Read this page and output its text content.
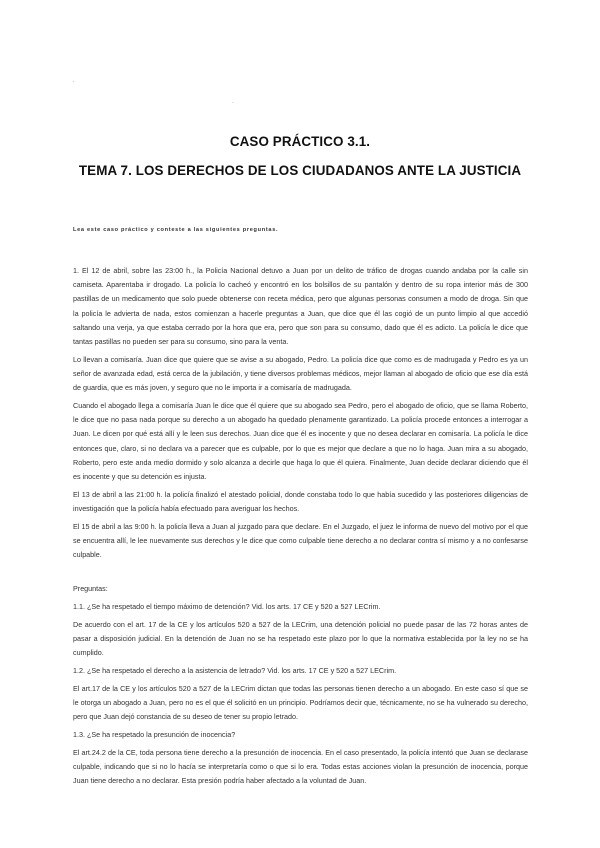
'
-
CASO PRÁCTICO 3.1.
TEMA 7. LOS DERECHOS DE LOS CIUDADANOS ANTE LA JUSTICIA
Lea este caso práctico y conteste a las siguientes preguntas.

1. El 12 de abril, sobre las 23:00 h., la Policía Nacional detuvo a Juan por un delito de tráfico de drogas cuando andaba por la calle sin camiseta. Aparentaba ir drogado. La policía lo cacheó y encontró en los bolsillos de su pantalón y dentro de su ropa interior más de 300 pastillas de un medicamento que solo puede obtenerse con receta médica, pero que algunas personas consumen a modo de droga. Sin que la policía le advierta de nada, estos comienzan a hacerle preguntas a Juan, que dice que él las cogió de un punto limpio al que accedió saltando una verja, ya que estaba cerrado por la hora que era, pero que son para su consumo, dado que él es adicto. La policía le dice que tantas pastillas no pueden ser para su consumo, sino para la venta.

Lo llevan a comisaría. Juan dice que quiere que se avise a su abogado, Pedro. La policía dice que como es de madrugada y Pedro es ya un señor de avanzada edad, está cerca de la jubilación, y tiene diversos problemas médicos, mejor llaman al abogado de oficio que ese día está de guardia, que es más joven, y seguro que no le importa ir a comisaría de madrugada.

Cuando el abogado llega a comisaría Juan le dice que él quiere que su abogado sea Pedro, pero el abogado de oficio, que se llama Roberto, le dice que no pasa nada porque su derecho a un abogado ha quedado plenamente garantizado. La policía procede entonces a interrogar a Juan. Le dicen por qué está allí y le leen sus derechos. Juan dice que él es inocente y que no desea declarar en comisaría. La policía le dice entonces que, claro, si no declara va a parecer que es culpable, por lo que es mejor que declare a que no lo haga. Juan mira a su abogado, Roberto, pero este anda medio dormido y solo alcanza a decirle que haga lo que él quiera. Finalmente, Juan decide declarar diciendo que él es inocente y que su detención es injusta.

El 13 de abril a las 21:00 h. la policía finalizó el atestado policial, donde constaba todo lo que había sucedido y las posteriores diligencias de investigación que la policía había efectuado para averiguar los hechos.

El 15 de abril a las 9:00 h. la policía lleva a Juan al juzgado para que declare. En el Juzgado, el juez le informa de nuevo del motivo por el que se encuentra allí, le lee nuevamente sus derechos y le dice que como culpable tiene derecho a no declarar contra sí mismo y a no confesarse culpable.

Preguntas:

1.1. ¿Se ha respetado el tiempo máximo de detención? Vid. los arts. 17 CE y 520 a 527 LECrim.

De acuerdo con el art. 17 de la CE y los artículos 520 a 527 de la LECrim, una detención policial no puede pasar de las 72 horas antes de pasar a disposición judicial. En la detención de Juan no se ha respetado este plazo por lo que la normativa establecida por la ley no se ha cumplido.

1.2. ¿Se ha respetado el derecho a la asistencia de letrado? Vid. los arts. 17 CE y 520 a 527 LECrim.

El art.17 de la CE y los artículos 520 a 527 de la LECrim dictan que todas las personas tienen derecho a un abogado. En este caso sí que se le otorga un abogado a Juan, pero no es el que él solicitó en un principio. Podríamos decir que, técnicamente, no se ha vulnerado su derecho, pero que Juan dejó constancia de su deseo de tener su propio letrado.

1.3. ¿Se ha respetado la presunción de inocencia?

El art.24.2 de la CE, toda persona tiene derecho a la presunción de inocencia. En el caso presentado, la policía intentó que Juan se declarase culpable, indicando que si no lo hacía se interpretaría como o que si lo era. Todas estas acciones violan la presunción de inocencia, porque Juan tiene derecho a no declarar. Esta presión podría haber afectado a la voluntad de Juan.
